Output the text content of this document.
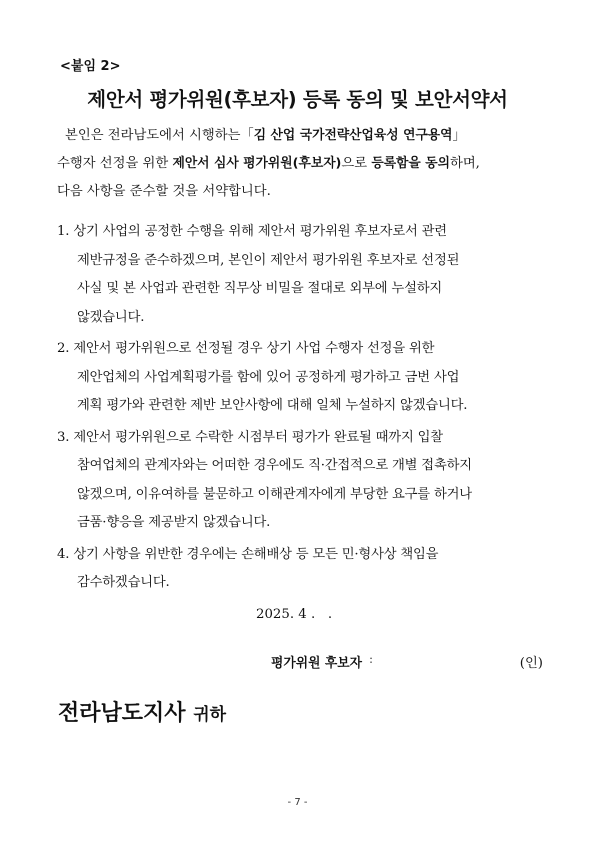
<붙임 2>
제안서 평가위원(후보자) 등록 동의 및 보안서약서
본인은 전라남도에서 시행하는「김 산업 국가전략산업육성 연구용역」
수행자 선정을 위한 제안서 심사 평가위원(후보자)으로 등록함을 동의하며,
다음 사항을 준수할 것을 서약합니다.
1. 상기 사업의 공정한 수행을 위해 제안서 평가위원 후보자로서 관련
제반규정을 준수하겠으며, 본인이 제안서 평가위원 후보자로 선정된
사실 및 본 사업과 관련한 직무상 비밀을 절대로 외부에 누설하지
않겠습니다.
2. 제안서 평가위원으로 선정될 경우 상기 사업 수행자 선정을 위한
제안업체의 사업계획평가를 함에 있어 공정하게 평가하고 금번 사업
계획 평가와 관련한 제반 보안사항에 대해 일체 누설하지 않겠습니다.
3. 제안서 평가위원으로 수락한 시점부터 평가가 완료될 때까지 입찰
참여업체의 관계자와는 어떠한 경우에도 직·간접적으로 개별 접촉하지
않겠으며, 이유여하를 불문하고 이해관계자에게 부당한 요구를 하거나
금품·향응을 제공받지 않겠습니다.
4. 상기 사항을 위반한 경우에는 손해배상 등 모든 민·형사상 책임을
감수하겠습니다.
2025. 4 .   .
평가위원 후보자 :	(인)
전라남도지사 귀하
- 7 -
